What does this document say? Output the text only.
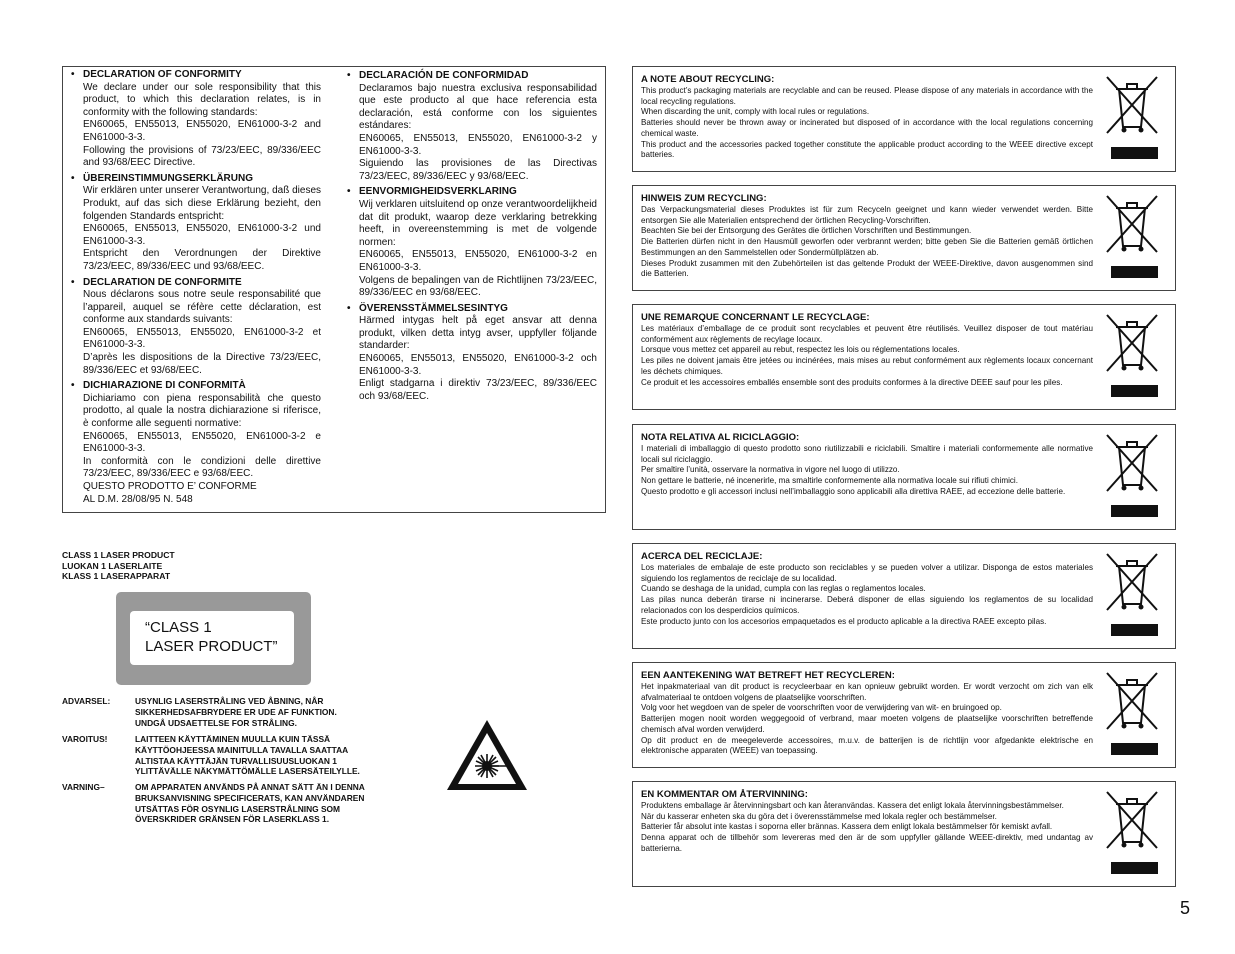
• DECLARATION OF CONFORMITY
We declare under our sole responsibility that this product, to which this declaration relates, is in conformity with the following standards:
EN60065, EN55013, EN55020, EN61000-3-2 and EN61000-3-3.
Following the provisions of 73/23/EEC, 89/336/EEC and 93/68/EEC Directive.
• ÜBEREINSTIMMUNGSERKLÄRUNG
Wir erklären unter unserer Verantwortung, daß dieses Produkt, auf das sich diese Erklärung bezieht, den folgenden Standards entspricht:
EN60065, EN55013, EN55020, EN61000-3-2 und EN61000-3-3.
Entspricht den Verordnungen der Direktive 73/23/EEC, 89/336/EEC und 93/68/EEC.
• DECLARATION DE CONFORMITE
Nous déclarons sous notre seule responsabilité que l’appareil, auquel se réfère cette déclaration, est conforme aux standards suivants:
EN60065, EN55013, EN55020, EN61000-3-2 et EN61000-3-3.
D’après les dispositions de la Directive 73/23/EEC, 89/336/EEC et 93/68/EEC.
• DICHIARAZIONE DI CONFORMITÀ
Dichiariamo con piena responsabilità che questo prodotto, al quale la nostra dichiarazione si riferisce, è conforme alle seguenti normative:
EN60065, EN55013, EN55020, EN61000-3-2 e EN61000-3-3.
In conformità con le condizioni delle direttive 73/23/EEC, 89/336/EEC e 93/68/EEC.
QUESTO PRODOTTO E’ CONFORME
AL D.M. 28/08/95 N. 548
• DECLARACIÓN DE CONFORMIDAD
Declaramos bajo nuestra exclusiva responsabilidad que este producto al que hace referencia esta declaración, está conforme con los siguientes estándares:
EN60065, EN55013, EN55020, EN61000-3-2 y EN61000-3-3.
Siguiendo las provisiones de las Directivas 73/23/EEC, 89/336/EEC y 93/68/EEC.
• EENVORMIGHEIDSVERKLARING
Wij verklaren uitsluitend op onze verantwoordelijkheid dat dit produkt, waarop deze verklaring betrekking heeft, in overeenstemming is met de volgende normen:
EN60065, EN55013, EN55020, EN61000-3-2 en EN61000-3-3.
Volgens de bepalingen van de Richtlijnen 73/23/EEC, 89/336/EEC en 93/68/EEC.
• ÖVERENSSTÄMMELSESINTYG
Härmed intygas helt på eget ansvar att denna produkt, vilken detta intyg avser, uppfyller följande standarder:
EN60065, EN55013, EN55020, EN61000-3-2 och EN61000-3-3.
Enligt stadgarna i direktiv 73/23/EEC, 89/336/EEC och 93/68/EEC.
A NOTE ABOUT RECYCLING:
This product’s packaging materials are recyclable and can be reused. Please dispose of any materials in accordance with the local recycling regulations.
When discarding the unit, comply with local rules or regulations.
Batteries should never be thrown away or incinerated but disposed of in accordance with the local regulations concerning chemical waste.
This product and the accessories packed together constitute the applicable product according to the WEEE directive except batteries.
HINWEIS ZUM RECYCLING:
Das Verpackungsmaterial dieses Produktes ist für zum Recyceln geeignet und kann wieder verwendet werden. Bitte entsorgen Sie alle Materialien entsprechend der örtlichen Recycling-Vorschriften.
Beachten Sie bei der Entsorgung des Gerätes die örtlichen Vorschriften und Bestimmungen.
Die Batterien dürfen nicht in den Hausmüll geworfen oder verbrannt werden; bitte geben Sie die Batterien gemäß örtlichen Bestimmungen an den Sammelstellen oder Sondermüllplätzen ab.
Dieses Produkt zusammen mit den Zubehörteilen ist das geltende Produkt der WEEE-Direktive, davon ausgenommen sind die Batterien.
UNE REMARQUE CONCERNANT LE RECYCLAGE:
Les matériaux d’emballage de ce produit sont recyclables et peuvent être réutilisés. Veuillez disposer de tout matériau conformément aux règlements de recylage locaux.
Lorsque vous mettez cet appareil au rebut, respectez les lois ou réglementations locales.
Les piles ne doivent jamais être jetées ou incinérées, mais mises au rebut conformément aux règlements locaux concernant les déchets chimiques.
Ce produit et les accessoires emballés ensemble sont des produits conformes à la directive DEEE sauf pour les piles.
NOTA RELATIVA AL RICICLAGGIO:
I materiali di imballaggio di questo prodotto sono riutilizzabili e riciclabili. Smaltire i materiali conformemente alle normative locali sul riciclaggio.
Per smaltire l’unità, osservare la normativa in vigore nel luogo di utilizzo.
Non gettare le batterie, né incenerirle, ma smaltirle conformemente alla normativa locale sui rifiuti chimici.
Questo prodotto e gli accessori inclusi nell’imballaggio sono applicabili alla direttiva RAEE, ad eccezione delle batterie.
ACERCA DEL RECICLAJE:
Los materiales de embalaje de este producto son reciclables y se pueden volver a utilizar. Disponga de estos materiales siguiendo los reglamentos de reciclaje de su localidad.
Cuando se deshaga de la unidad, cumpla con las reglas o reglamentos locales.
Las pilas nunca deberán tirarse ni incinerarse. Deberá disponer de ellas siguiendo los reglamentos de su localidad relacionados con los desperdicios químicos.
Este producto junto con los accesorios empaquetados es el producto aplicable a la directiva RAEE excepto pilas.
EEN AANTEKENING WAT BETREFT HET RECYCLEREN:
Het inpakmateriaal van dit product is recycleerbaar en kan opnieuw gebruikt worden. Er wordt verzocht om zich van elk afvalmateriaal te ontdoen volgens de plaatselijke voorschriften.
Volg voor het wegdoen van de speler de voorschriften voor de verwijdering van wit- en bruingoed op.
Batterijen mogen nooit worden weggegooid of verbrand, maar moeten volgens de plaatselijke voorschriften betreffende chemisch afval worden verwijderd.
Op dit product en de meegeleverde accessoires, m.u.v. de batterijen is de richtlijn voor afgedankte elektrische en elektronische apparaten (WEEE) van toepassing.
EN KOMMENTAR OM ÅTERVINNING:
Produktens emballage är återvinningsbart och kan återanvändas. Kassera det enligt lokala återvinningsbestämmelser.
När du kasserar enheten ska du göra det i överensstämmelse med lokala regler och bestämmelser.
Batterier får absolut inte kastas i soporna eller brännas. Kassera dem enligt lokala bestämmelser för kemiskt avfall.
Denna apparat och de tillbehör som levereras med den är de som uppfyller gällande WEEE-direktiv, med undantag av batterierna.
CLASS 1 LASER PRODUCT
LUOKAN 1 LASERLAITE
KLASS 1 LASERAPPARAT
“CLASS 1
LASER PRODUCT”
ADVARSEL:	USYNLIG LASERSTRÅLING VED ÅBNING, NÅR
SIKKERHEDSAFBRYDERE ER UDE AF FUNKTION.
UNDGÅ UDSAETTELSE FOR STRÅLING.
VAROITUS!	LAITTEEN KÄYTTÄMINEN MUULLA KUIN TÄSSÄ
KÄYTTÖOHJEESSA MAINITULLA TAVALLA SAATTAA
ALTISTAA KÄYTTÄJÄN TURVALLISUUSLUOKAN 1
YLITTÄVÄLLE NÄKYMÄTTÖMÄLLE LASERSÄTEILYLLE.
VARNING–	OM APPARATEN ANVÄNDS PÅ ANNAT SÄTT ÄN I DENNA
BRUKSANVISNING SPECIFICERATS, KAN ANVÄNDAREN
UTSÄTTAS FÖR OSYNLIG LASERSTRÅLNING SOM
ÖVERSKRIDER GRÄNSEN FÖR LASERKLASS 1.
5
